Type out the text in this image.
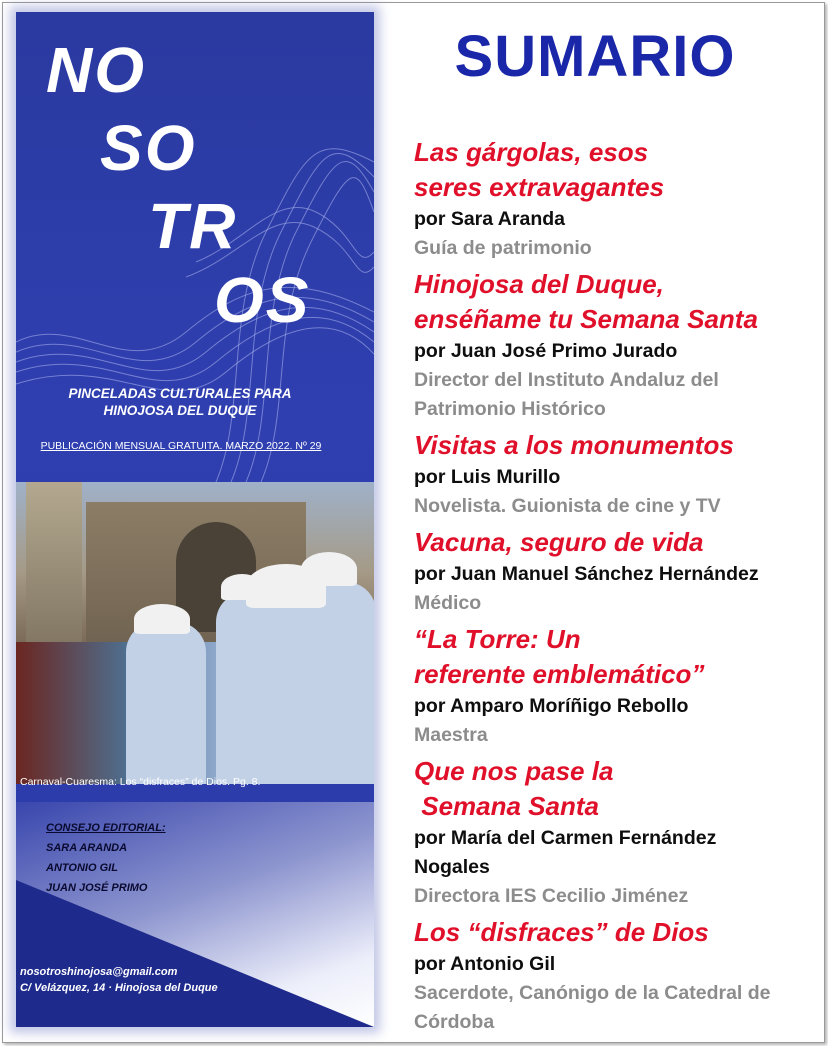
NO
SO
TR
OS
PINCELADAS CULTURALES PARA
HINOJOSA DEL DUQUE
PUBLICACIÓN MENSUAL GRATUITA. MARZO 2022. Nº 29
Carnaval-Cuaresma: Los “disfraces” de Dios. Pg. 8.
CONSEJO EDITORIAL:
SARA ARANDA
ANTONIO GIL
JUAN JOSÉ PRIMO
nosotroshinojosa@gmail.com
C/ Velázquez, 14 · Hinojosa del Duque
SUMARIO
Las gárgolas, esos
seres extravagantes
por Sara Aranda
Guía de patrimonio
Hinojosa del Duque,
enséñame tu Semana Santa
por Juan José Primo Jurado
Director del Instituto Andaluz del
Patrimonio Histórico
Visitas a los monumentos
por Luis Murillo
Novelista. Guionista de cine y TV
Vacuna, seguro de vida
por Juan Manuel Sánchez Hernández
Médico
“La Torre: Un
referente emblemático”
por Amparo Moríñigo Rebollo
Maestra
Que nos pase la
Semana Santa
por María del Carmen Fernández
Nogales
Directora IES Cecilio Jiménez
Los “disfraces” de Dios
por Antonio Gil
Sacerdote, Canónigo de la Catedral de
Córdoba
